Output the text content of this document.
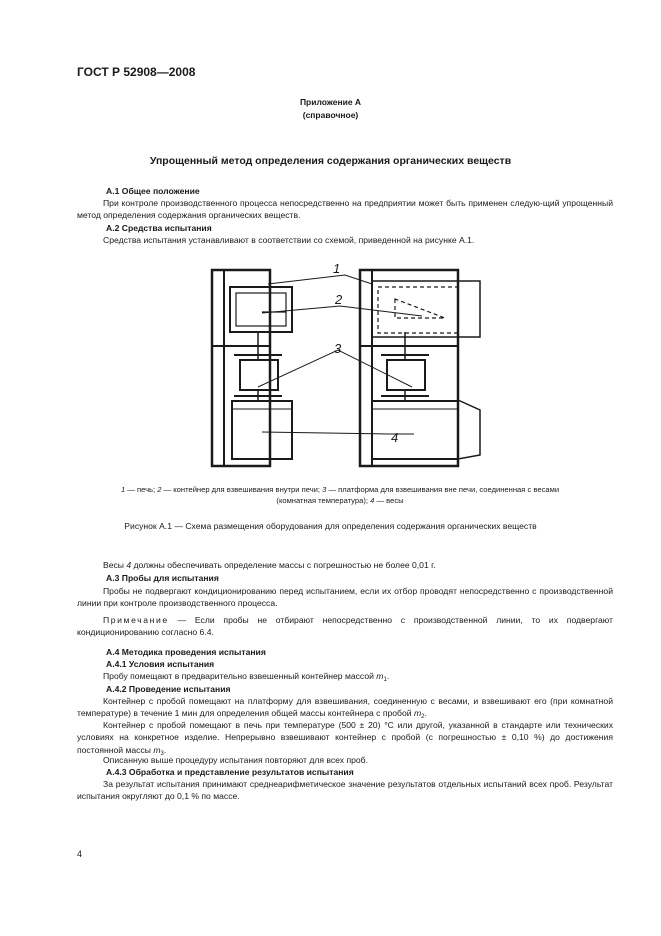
ГОСТ Р 52908—2008
Приложение А
(справочное)
Упрощенный метод определения содержания органических веществ
А.1 Общее положение
При контроле производственного процесса непосредственно на предприятии может быть применен следую-щий упрощенный метод определения содержания органических веществ.
А.2 Средства испытания
Средства испытания устанавливают в соответствии со схемой, приведенной на рисунке А.1.
1
2
3
4
1 — печь; 2 — контейнер для взвешивания внутри печи; 3 — платформа для взвешивания вне печи, соединенная с весами
(комнатная температура); 4 — весы
Рисунок А.1 — Схема размещения оборудования для определения содержания органических веществ
Весы 4 должны обеспечивать определение массы с погрешностью не более 0,01 г.
А.3 Пробы для испытания
Пробы не подвергают кондиционированию перед испытанием, если их отбор проводят непосредственно с производственной линии при контроле производственного процесса.
Примечание — Если пробы не отбирают непосредственно с производственной линии, то их подвергают кондиционированию согласно 6.4.
А.4 Методика проведения испытания
А.4.1 Условия испытания
Пробу помещают в предварительно взвешенный контейнер массой $m_1$.
А.4.2 Проведение испытания
Контейнер с пробой помещают на платформу для взвешивания, соединенную с весами, и взвешивают его (при комнатной температуре) в течение 1 мин для определения общей массы контейнера с пробой $m_2$.
Контейнер с пробой помещают в печь при температуре (500 ± 20) °С или другой, указанной в стандарте или технических условиях на конкретное изделие. Непрерывно взвешивают контейнер с пробой (с погрешностью ± 0,10 %) до достижения постоянной массы $m_3$.
Описанную выше процедуру испытания повторяют для всех проб.
А.4.3 Обработка и представление результатов испытания
За результат испытания принимают среднеарифметическое значение результатов отдельных испытаний всех проб. Результат испытания округляют до 0,1 % по массе.
4
